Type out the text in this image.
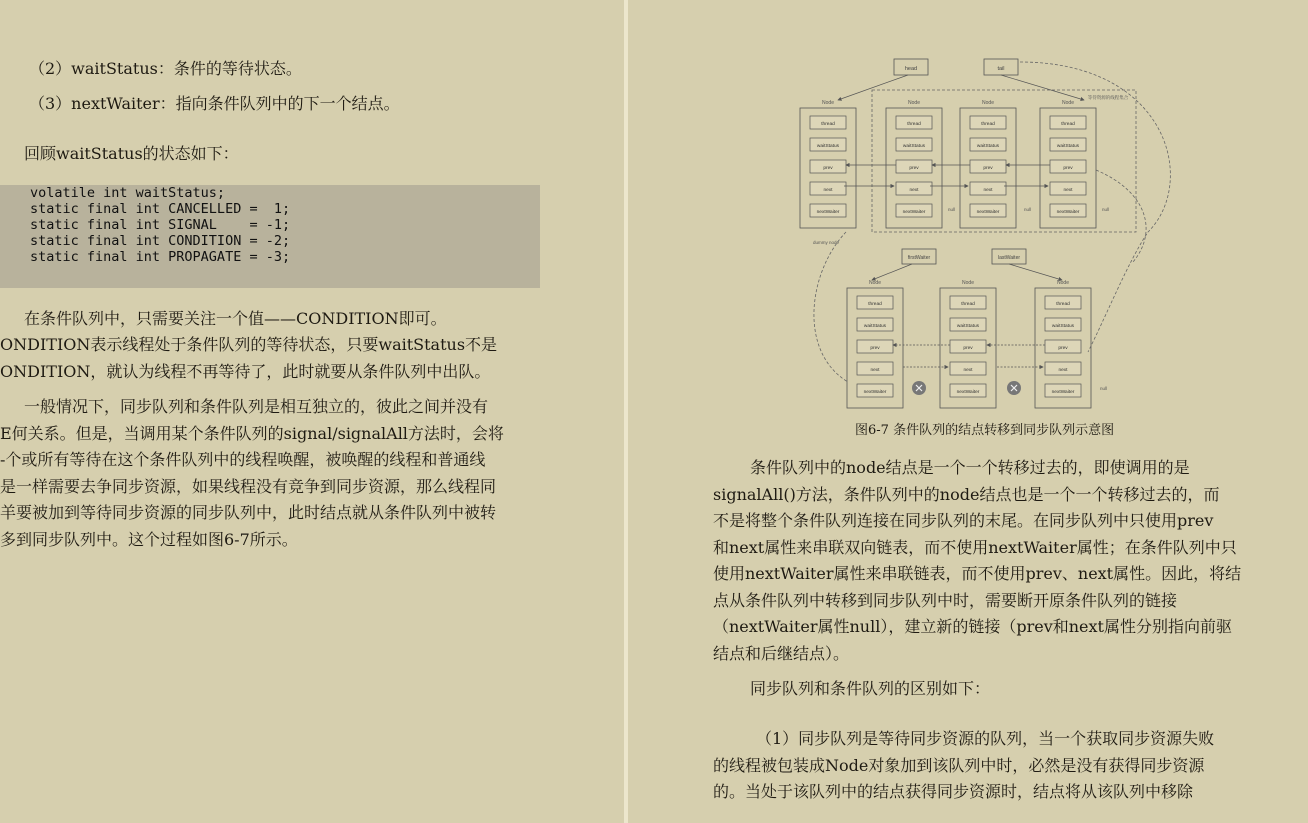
（2）waitStatus：条件的等待状态。

（3）nextWaiter：指向条件队列中的下一个结点。

回顾waitStatus的状态如下：

volatile int waitStatus;
static final int CANCELLED =  1;
static final int SIGNAL    = -1;
static final int CONDITION = -2;
static final int PROPAGATE = -3;

在条件队列中，只需要关注一个值——CONDITION即可。

ONDITION表示线程处于条件队列的等待状态，只要waitStatus不是

ONDITION，就认为线程不再等待了，此时就要从条件队列中出队。

一般情况下，同步队列和条件队列是相互独立的，彼此之间并没有

E何关系。但是，当调用某个条件队列的signal/signalAll方法时，会将

-个或所有等待在这个条件队列中的线程唤醒，被唤醒的线程和普通线

是一样需要去争同步资源，如果线程没有竞争到同步资源，那么线程同

羊要被加到等待同步资源的同步队列中，此时结点就从条件队列中被转

多到同步队列中。这个过程如图6-7所示。

head	tail
等待资源的线程集合
Node
thread
waitStatus
prev
next
nextWaiter
Node
thread
waitStatus
prev
next
nextWaiter
Node
thread
waitStatus
prev
next
nextWaiter
Node
thread
waitStatus
prev
next
nextWaiter
null	null	null
Node
thread
waitStatus
prev
next
nextWaiter
Node
thread
waitStatus
prev
next
nextWaiter
Node
thread
waitStatus
prev
next
nextWaiter
null
dummy node
firstWaiter	lastWaiter
图6-7 条件队列的结点转移到同步队列示意图

条件队列中的node结点是一个一个转移过去的，即使调用的是

signalAll()方法，条件队列中的node结点也是一个一个转移过去的，而

不是将整个条件队列连接在同步队列的末尾。在同步队列中只使用prev

和next属性来串联双向链表，而不使用nextWaiter属性；在条件队列中只

使用nextWaiter属性来串联链表，而不使用prev、next属性。因此，将结

点从条件队列中转移到同步队列中时，需要断开原条件队列的链接

（nextWaiter属性null），建立新的链接（prev和next属性分别指向前驱

结点和后继结点）。

同步队列和条件队列的区别如下：

（1）同步队列是等待同步资源的队列，当一个获取同步资源失败

的线程被包装成Node对象加到该队列中时，必然是没有获得同步资源

的。当处于该队列中的结点获得同步资源时，结点将从该队列中移除
